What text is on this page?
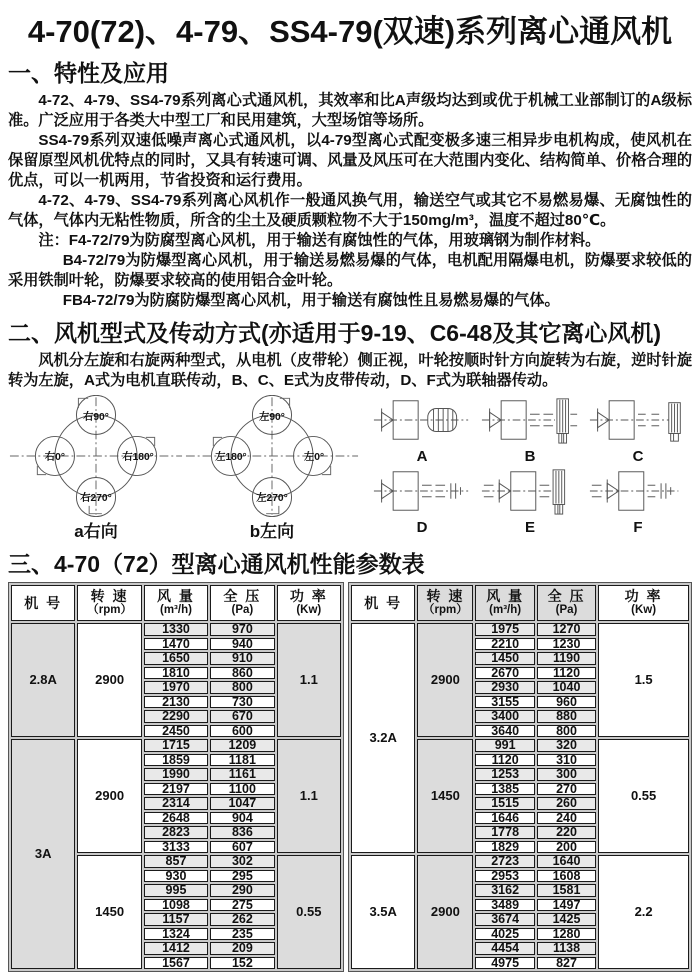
4-70(72)、4-79、SS4-79(双速)系列离心通风机
一、特性及应用

4-72、4-79、SS4-79系列离心式通风机，其效率和比A声级均达到或优于机械工业部制订的A级标准。广泛应用于各类大中型工厂和民用建筑，大型场馆等场所。

SS4-79系列双速低噪声离心式通风机，以4-79型离心式配变极多速三相异步电机构成，使风机在保留原型风机优特点的同时，又具有转速可调、风量及风压可在大范围内变化、结构简单、价格合理的优点，可以一机两用，节省投资和运行费用。

4-72、4-79、SS4-79系列离心风机作一般通风换气用，输送空气或其它不易燃易爆、无腐蚀性的气体，气体内无粘性物质，所含的尘土及硬质颗粒物不大于150mg/m³，温度不超过80℃。

注：F4-72/79为防腐型离心风机，用于输送有腐蚀性的气体，用玻璃钢为制作材料。

B4-72/79为防爆型离心风机，用于输送易燃易爆的气体，电机配用隔爆电机，防爆要求较低的采用铁制叶轮，防爆要求较高的使用铝合金叶轮。

FB4-72/79为防腐防爆型离心风机，用于输送有腐蚀性且易燃易爆的气体。

二、风机型式及传动方式(亦适用于9-19、C6-48及其它离心风机)

风机分左旋和右旋两种型式，从电机（皮带轮）侧正视，叶轮按顺时针方向旋转为右旋，逆时针旋转为左旋，A式为电机直联传动，B、C、E式为皮带传动，D、F式为联轴器传动。

右90°
右180°
右0°
右270°
a右向
左90°
左180°	左0°
左270°
b左向
A	B	C
D	E	F
三、4-70（72）型离心通风机性能参数表
机 号	转 速
（rpm）

风 量
(m³/h)

全 压
(Pa)

功 率
(Kw)

2.8A	2900	1330	970	1.1
		1470	940	
		1650	910	
		1810	860	
		1970	800	
		2130	730	
		2290	670	
		2450	600	
3A	2900	1715	1209	1.1
		1859	1181	
		1990	1161	
		2197	1100	
		2314	1047	
		2648	904	
		2823	836	
		3133	607	
	1450	857	302	0.55
		930	295	
		995	290	
		1098	275	
		1157	262	
		1324	235	
		1412	209	
		1567	152	
机 号	转 速
（rpm）

风 量
(m³/h)

全 压
(Pa)

功 率
(Kw)

3.2A	2900	1975	1270	1.5
		2210	1230	
		1450	1190	
		2670	1120	
		2930	1040	
		3155	960	
		3400	880	
		3640	800	
	1450	991	320	0.55
		1120	310	
		1253	300	
		1385	270	
		1515	260	
		1646	240	
		1778	220	
		1829	200	
3.5A	2900	2723	1640	2.2
		2953	1608	
		3162	1581	
		3489	1497	
		3674	1425	
		4025	1280	
		4454	1138	
		4975	827	
